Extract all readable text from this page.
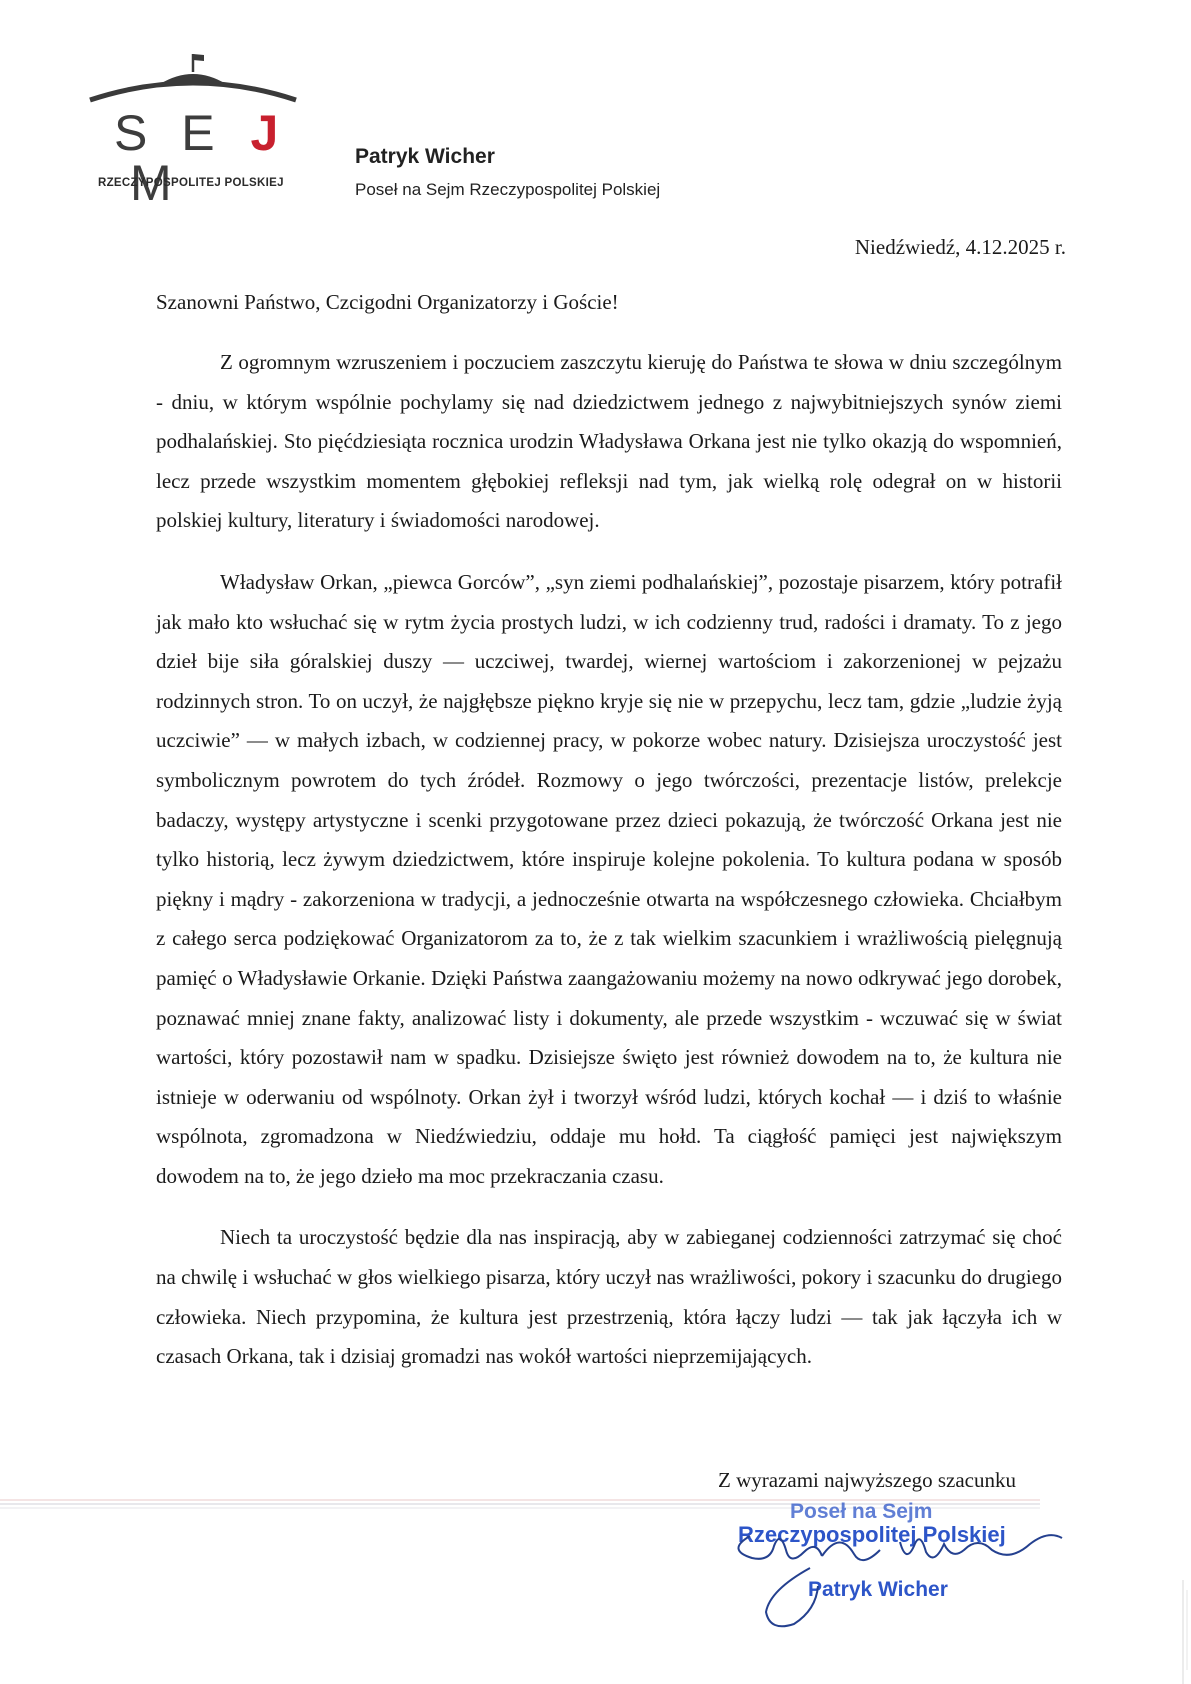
S E J M
RZECZYPOSPOLITEJ POLSKIEJ
Patryk Wicher
Poseł na Sejm Rzeczypospolitej Polskiej
Niedźwiedź, 4.12.2025 r.
Szanowni Państwo, Czcigodni Organizatorzy i Goście!

Z ogromnym wzruszeniem i poczuciem zaszczytu kieruję do Państwa te słowa w dniu szczególnym - dniu, w którym wspólnie pochylamy się nad dziedzictwem jednego z najwybitniejszych synów ziemi podhalańskiej. Sto pięćdziesiąta rocznica urodzin Władysława Orkana jest nie tylko okazją do wspomnień, lecz przede wszystkim momentem głębokiej refleksji nad tym, jak wielką rolę odegrał on w historii polskiej kultury, literatury i świadomości narodowej.

Władysław Orkan, „piewca Gorców”, „syn ziemi podhalańskiej”, pozostaje pisarzem, który potrafił jak mało kto wsłuchać się w rytm życia prostych ludzi, w ich codzienny trud, radości i dramaty. To z jego dzieł bije siła góralskiej duszy — uczciwej, twardej, wiernej wartościom i zakorzenionej w pejzażu rodzinnych stron. To on uczył, że najgłębsze piękno kryje się nie w przepychu, lecz tam, gdzie „ludzie żyją uczciwie” — w małych izbach, w codziennej pracy, w pokorze wobec natury. Dzisiejsza uroczystość jest symbolicznym powrotem do tych źródeł. Rozmowy o jego twórczości, prezentacje listów, prelekcje badaczy, występy artystyczne i scenki przygotowane przez dzieci pokazują, że twórczość Orkana jest nie tylko historią, lecz żywym dziedzictwem, które inspiruje kolejne pokolenia. To kultura podana w sposób piękny i mądry - zakorzeniona w tradycji, a jednocześnie otwarta na współczesnego człowieka. Chciałbym z całego serca podziękować Organizatorom za to, że z tak wielkim szacunkiem i wrażliwością pielęgnują pamięć o Władysławie Orkanie. Dzięki Państwa zaangażowaniu możemy na nowo odkrywać jego dorobek, poznawać mniej znane fakty, analizować listy i dokumenty, ale przede wszystkim - wczuwać się w świat wartości, który pozostawił nam w spadku. Dzisiejsze święto jest również dowodem na to, że kultura nie istnieje w oderwaniu od wspólnoty. Orkan żył i tworzył wśród ludzi, których kochał — i dziś to właśnie wspólnota, zgromadzona w Niedźwiedziu, oddaje mu hołd. Ta ciągłość pamięci jest największym dowodem na to, że jego dzieło ma moc przekraczania czasu.

Niech ta uroczystość będzie dla nas inspiracją, aby w zabieganej codzienności zatrzymać się choć na chwilę i wsłuchać w głos wielkiego pisarza, który uczył nas wrażliwości, pokory i szacunku do drugiego człowieka. Niech przypomina, że kultura jest przestrzenią, która łączy ludzi — tak jak łączyła ich w czasach Orkana, tak i dzisiaj gromadzi nas wokół wartości nieprzemijających.

Z wyrazami najwyższego szacunku
Poseł na Sejm
Rzeczypospolitej Polskiej
Patryk Wicher
